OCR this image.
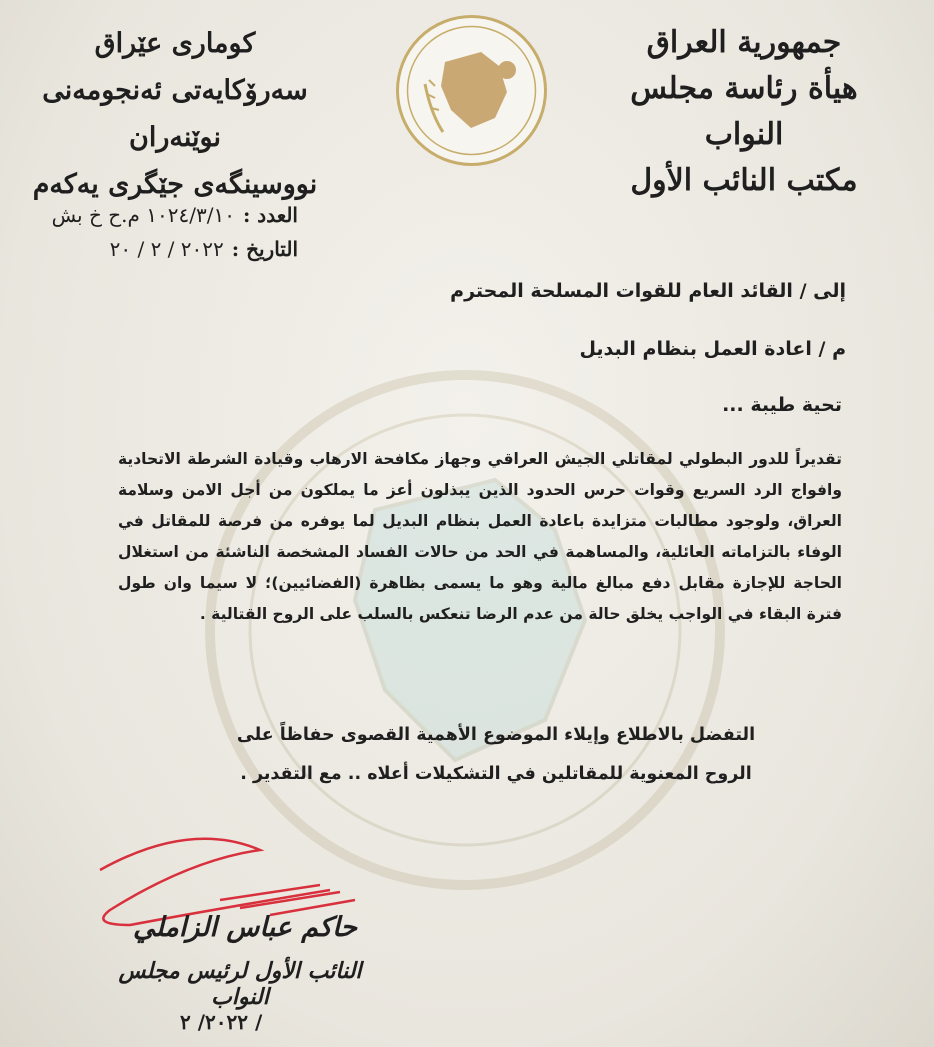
جمهورية العراق
هيأة رئاسة مجلس النواب
مكتب النائب الأول
كوماری عێراق
سەرۆکایەتی ئەنجومەنی نوێنەران
نووسینگەی جێگری یەکەم
العدد :
١٠٢٤/٣/١٠ م.ح خ بش
التاريخ :
٢٠٢٢ / ٢ / ٢٠
إلى / القائد العام للقوات المسلحة المحترم
م / اعادة العمل بنظام البديل
تحية طيبة ...
تقديراً للدور البطولي لمقاتلي الجيش العراقي وجهاز مكافحة الارهاب وقيادة الشرطة الاتحادية وافواج الرد السريع وقوات حرس الحدود الذين يبذلون أعز ما يملكون من أجل الامن وسلامة العراق، ولوجود مطالبات متزايدة باعادة العمل بنظام البديل لما يوفره من فرصة للمقاتل في الوفاء بالتزاماته العائلية، والمساهمة في الحد من حالات الفساد المشخصة الناشئة من استغلال الحاجة للإجازة مقابل دفع مبالغ مالية وهو ما يسمى بظاهرة (الفضائيين)؛ لا سيما وان طول فترة البقاء في الواجب يخلق حالة من عدم الرضا تنعكس بالسلب على الروح القتالية .
التفضل بالاطلاع وإيلاء الموضوع الأهمية القصوى حفاظاً على الروح المعنوية للمقاتلين في التشكيلات أعلاه .. مع التقدير .
حاكم عباس الزاملي
النائب الأول لرئيس مجلس النواب
٢٠٢٢/ ٢ /
